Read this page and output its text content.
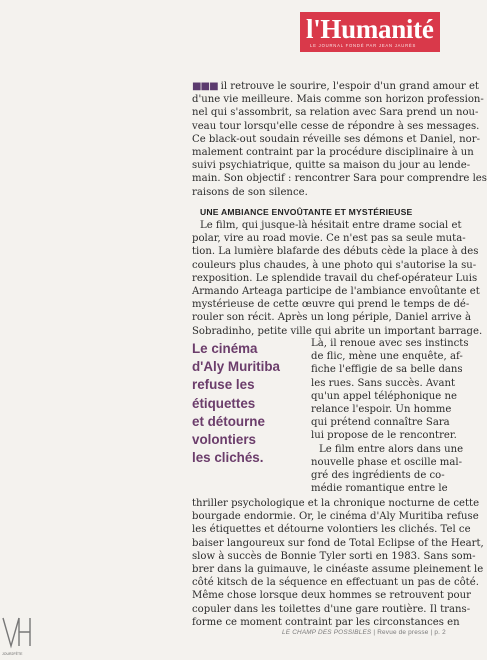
l'Humanité
LE JOURNAL FONDÉ PAR JEAN JAURÈS
■■■ il retrouve le sourire, l'espoir d'un grand amour et
d'une vie meilleure. Mais comme son horizon profession-
nel qui s'assombrit, sa relation avec Sara prend un nou-
veau tour lorsqu'elle cesse de répondre à ses messages.
Ce black-out soudain réveille ses démons et Daniel, nor-
malement contraint par la procédure disciplinaire à un
suivi psychiatrique, quitte sa maison du jour au lende-
main. Son objectif : rencontrer Sara pour comprendre les
raisons de son silence.
UNE AMBIANCE ENVOÛTANTE ET MYSTÉRIEUSE
Le film, qui jusque-là hésitait entre drame social et
polar, vire au road movie. Ce n'est pas sa seule muta-
tion. La lumière blafarde des débuts cède la place à des
couleurs plus chaudes, à une photo qui s'autorise la su-
rexposition. Le splendide travail du chef-opérateur Luis
Armando Arteaga participe de l'ambiance envoûtante et
mystérieuse de cette œuvre qui prend le temps de dé-
rouler son récit. Après un long périple, Daniel arrive à
Sobradinho, petite ville qui abrite un important barrage.
Le cinéma
d'Aly Muritiba
refuse les
étiquettes
et détourne
volontiers
les clichés.
Là, il renoue avec ses instincts
de flic, mène une enquête, af-
fiche l'effigie de sa belle dans
les rues. Sans succès. Avant
qu'un appel téléphonique ne
relance l'espoir. Un homme
qui prétend connaître Sara
lui propose de le rencontrer.
Le film entre alors dans une
nouvelle phase et oscille mal-
gré des ingrédients de co-
médie romantique entre le
thriller psychologique et la chronique nocturne de cette
bourgade endormie. Or, le cinéma d'Aly Muritiba refuse
les étiquettes et détourne volontiers les clichés. Tel ce
baiser langoureux sur fond de Total Eclipse of the Heart,
slow à succès de Bonnie Tyler sorti en 1983. Sans som-
brer dans la guimauve, le cinéaste assume pleinement le
côté kitsch de la séquence en effectuant un pas de côté.
Même chose lorsque deux hommes se retrouvent pour
copuler dans les toilettes d'une gare routière. Il trans-
forme ce moment contraint par les circonstances en
JOUR2FÊTE
LE CHAMP DES POSSIBLES | Revue de presse | p. 2
